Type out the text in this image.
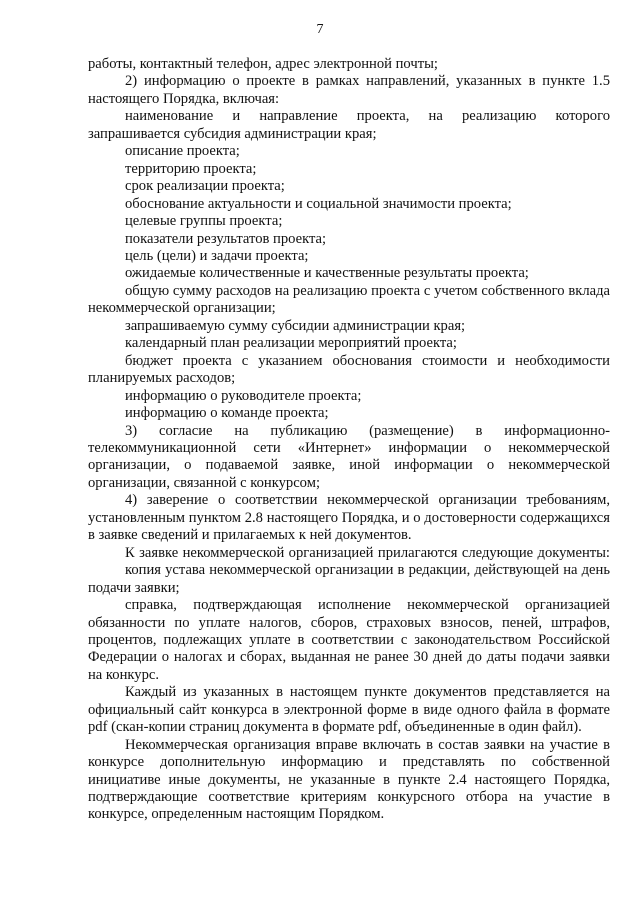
7

работы, контактный телефон, адрес электронной почты;

2) информацию о проекте в рамках направлений, указанных в пункте 1.5 настоящего Порядка, включая:

наименование и направление проекта, на реализацию которого запрашивается субсидия администрации края;

описание проекта;

территорию проекта;

срок реализации проекта;

обоснование актуальности и социальной значимости проекта;

целевые группы проекта;

показатели результатов проекта;

цель (цели) и задачи проекта;

ожидаемые количественные и качественные результаты проекта;

общую сумму расходов на реализацию проекта с учетом собственного вклада некоммерческой организации;

запрашиваемую сумму субсидии администрации края;

календарный план реализации мероприятий проекта;

бюджет проекта с указанием обоснования стоимости и необходимости планируемых расходов;

информацию о руководителе проекта;

информацию о команде проекта;

3) согласие на публикацию (размещение) в информационно-телекоммуникационной сети «Интернет» информации о некоммерческой организации, о подаваемой заявке, иной информации о некоммерческой организации, связанной с конкурсом;

4) заверение о соответствии некоммерческой организации требованиям, установленным пунктом 2.8 настоящего Порядка, и о достоверности содержащихся в заявке сведений и прилагаемых к ней документов.

К заявке некоммерческой организацией прилагаются следующие документы:

копия устава некоммерческой организации в редакции, действующей на день подачи заявки;

справка, подтверждающая исполнение некоммерческой организацией обязанности по уплате налогов, сборов, страховых взносов, пеней, штрафов, процентов, подлежащих уплате в соответствии с законодательством Российской Федерации о налогах и сборах, выданная не ранее 30 дней до даты подачи заявки на конкурс.

Каждый из указанных в настоящем пункте документов представляется на официальный сайт конкурса в электронной форме в виде одного файла в формате pdf (скан-копии страниц документа в формате pdf, объединенные в один файл).

Некоммерческая организация вправе включать в состав заявки на участие в конкурсе дополнительную информацию и представлять по собственной инициативе иные документы, не указанные в пункте 2.4 настоящего Порядка, подтверждающие соответствие критериям конкурсного отбора на участие в конкурсе, определенным настоящим Порядком.
